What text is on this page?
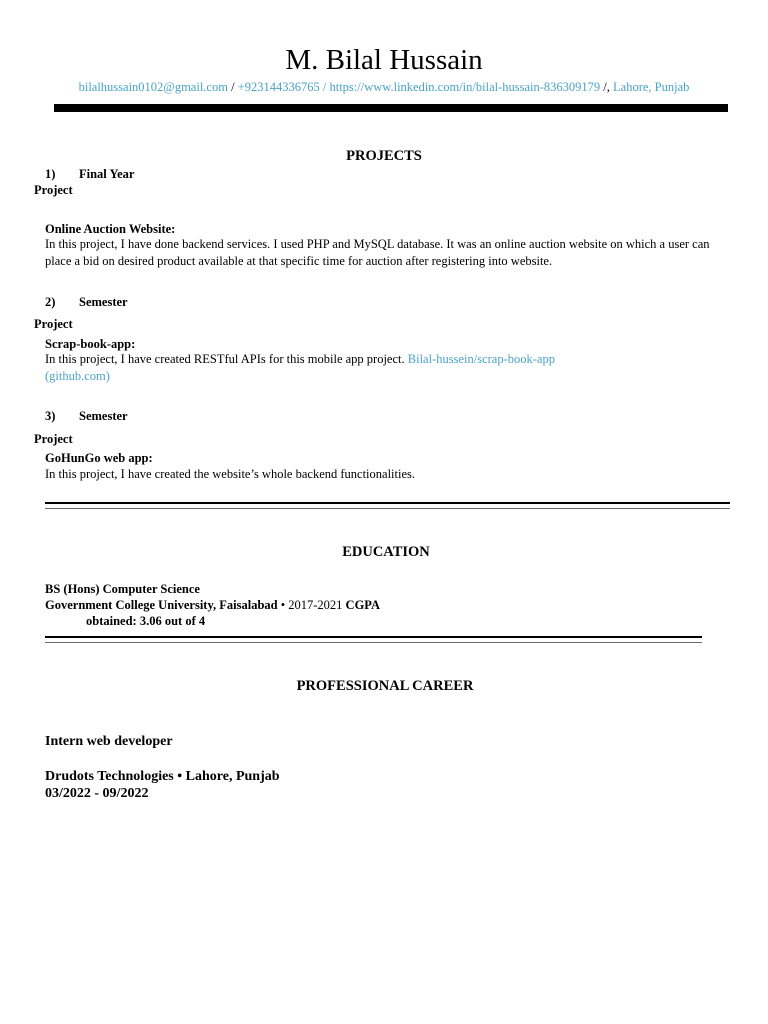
M. Bilal Hussain
bilalhussain0102@gmail.com / +923144336765 / https://www.linkedin.com/in/bilal-hussain-836309179 /, Lahore, Punjab
PROJECTS
1) Final Year
Project
Online Auction Website:
In this project, I have done backend services. I used PHP and MySQL database. It was an online auction website on which a user can place a bid on desired product available at that specific time for auction after registering into website.
2) Semester
Project
Scrap-book-app:
In this project, I have created RESTful APIs for this mobile app project. Bilal-hussein/scrap-book-app (github.com)
3) Semester
Project
GoHunGo web app:
In this project, I have created the website’s whole backend functionalities.
EDUCATION
BS (Hons) Computer Science
Government College University, Faisalabad • 2017-2021 CGPA
obtained: 3.06 out of 4
PROFESSIONAL CAREER
Intern web developer
Drudots Technologies • Lahore, Punjab
03/2022 - 09/2022
